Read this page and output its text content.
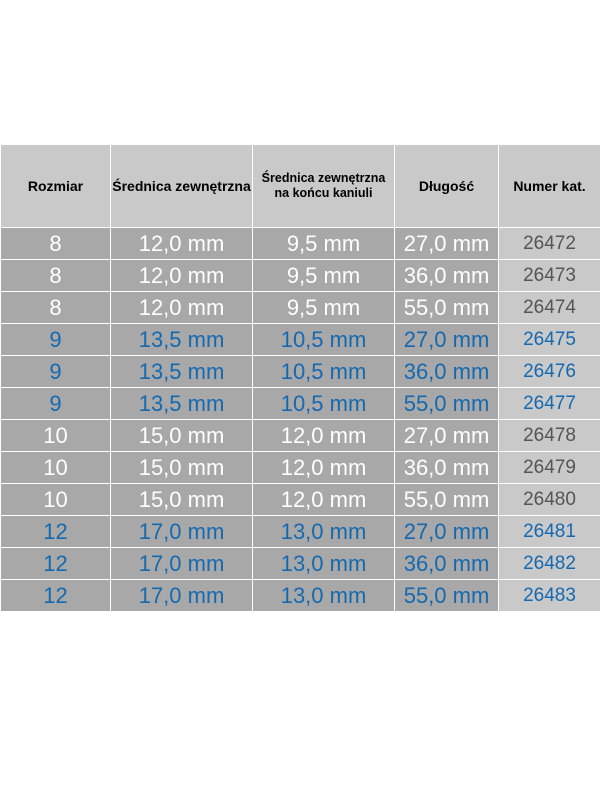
Rozmiar	Średnica zewnętrzna	Średnica zewnętrzna na końcu kaniuli	Długość	Numer kat.
8	12,0 mm	9,5 mm	27,0 mm	26472
8	12,0 mm	9,5 mm	36,0 mm	26473
8	12,0 mm	9,5 mm	55,0 mm	26474
9	13,5 mm	10,5 mm	27,0 mm	26475
9	13,5 mm	10,5 mm	36,0 mm	26476
9	13,5 mm	10,5 mm	55,0 mm	26477
10	15,0 mm	12,0 mm	27,0 mm	26478
10	15,0 mm	12,0 mm	36,0 mm	26479
10	15,0 mm	12,0 mm	55,0 mm	26480
12	17,0 mm	13,0 mm	27,0 mm	26481
12	17,0 mm	13,0 mm	36,0 mm	26482
12	17,0 mm	13,0 mm	55,0 mm	26483
